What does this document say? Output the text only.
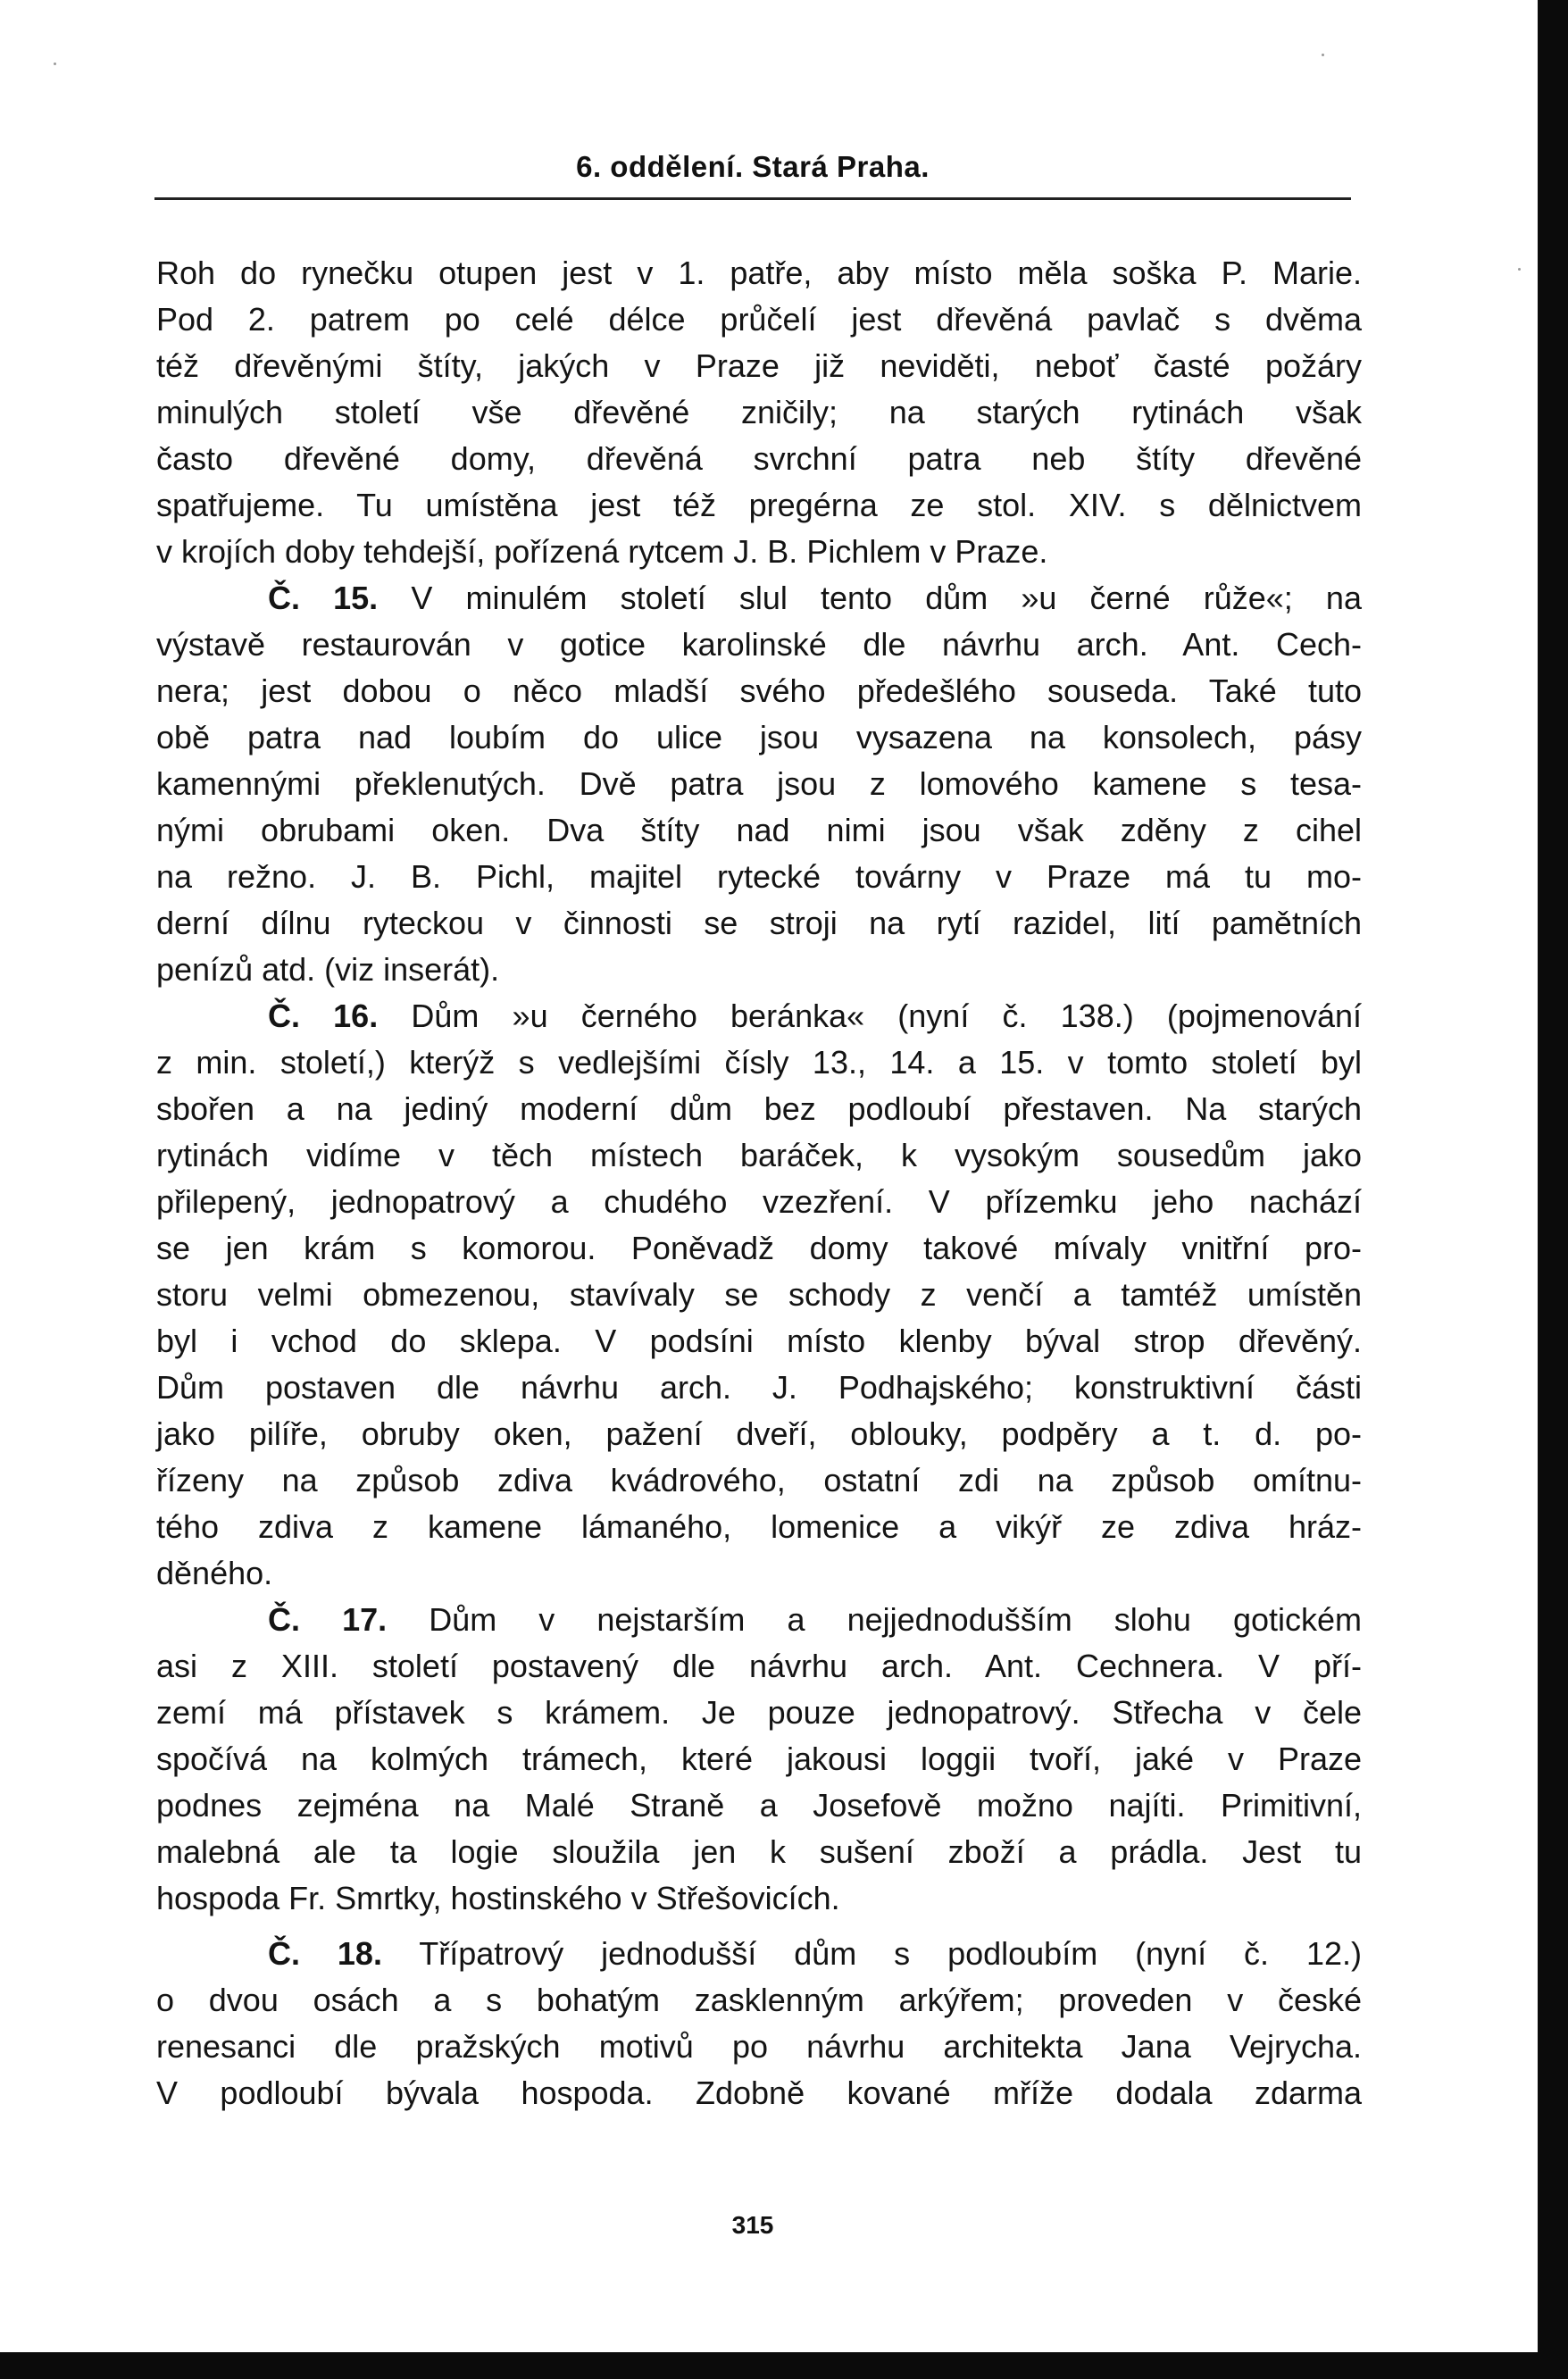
6. oddělení. Stará Praha.
Roh do rynečku otupen jest v 1. patře, aby místo měla soška P. Marie.
Pod 2. patrem po celé délce průčelí jest dřevěná pavlač s dvěma
též dřevěnými štíty, jakých v Praze již neviděti, neboť časté požáry
minulých století vše dřevěné zničily; na starých rytinách však
často dřevěné domy, dřevěná svrchní patra neb štíty dřevěné
spatřujeme. Tu umístěna jest též pregérna ze stol. XIV. s dělnictvem
v krojích doby tehdejší, pořízená rytcem J. B. Pichlem v Praze.
Č. 15. V minulém století slul tento dům »u černé růže«; na
výstavě restaurován v gotice karolinské dle návrhu arch. Ant. Cech-
nera; jest dobou o něco mladší svého předešlého souseda. Také tuto
obě patra nad loubím do ulice jsou vysazena na konsolech, pásy
kamennými překlenutých. Dvě patra jsou z lomového kamene s tesa-
nými obrubami oken. Dva štíty nad nimi jsou však zděny z cihel
na režno. J. B. Pichl, majitel rytecké továrny v Praze má tu mo-
derní dílnu ryteckou v činnosti se stroji na rytí razidel, lití pamětních
penízů atd. (viz inserát).
Č. 16. Dům »u černého beránka« (nyní č. 138.) (pojmenování
z min. století,) kterýž s vedlejšími čísly 13., 14. a 15. v tomto století byl
sbořen a na jediný moderní dům bez podloubí přestaven. Na starých
rytinách vidíme v těch místech baráček, k vysokým sousedům jako
přilepený, jednopatrový a chudého vzezření. V přízemku jeho nachází
se jen krám s komorou. Poněvadž domy takové mívaly vnitřní pro-
storu velmi obmezenou, stavívaly se schody z venčí a tamtéž umístěn
byl i vchod do sklepa. V podsíni místo klenby býval strop dřevěný.
Dům postaven dle návrhu arch. J. Podhajského; konstruktivní části
jako pilíře, obruby oken, pažení dveří, oblouky, podpěry a t. d. po-
řízeny na způsob zdiva kvádrového, ostatní zdi na způsob omítnu-
tého zdiva z kamene lámaného, lomenice a vikýř ze zdiva hráz-
děného.
Č. 17. Dům v nejstarším a nejjednodušším slohu gotickém
asi z XIII. století postavený dle návrhu arch. Ant. Cechnera. V pří-
zemí má přístavek s krámem. Je pouze jednopatrový. Střecha v čele
spočívá na kolmých trámech, které jakousi loggii tvoří, jaké v Praze
podnes zejména na Malé Straně a Josefově možno najíti. Primitivní,
malebná ale ta logie sloužila jen k sušení zboží a prádla. Jest tu
hospoda Fr. Smrtky, hostinského v Střešovicích.
Č. 18. Třípatrový jednodušší dům s podloubím (nyní č. 12.)
o dvou osách a s bohatým zasklenným arkýřem; proveden v české
renesanci dle pražských motivů po návrhu architekta Jana Vejrycha.
V podloubí bývala hospoda. Zdobně kované mříže dodala zdarma
315
